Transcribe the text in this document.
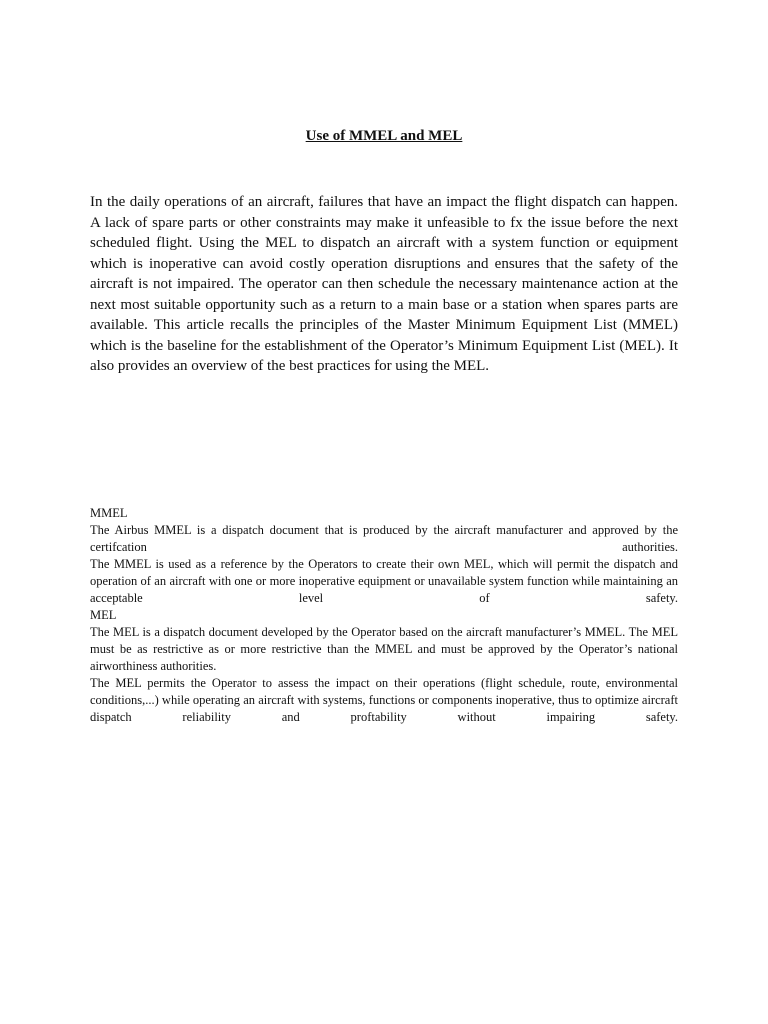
Use of MMEL and MEL

In the daily operations of an aircraft, failures that have an impact the flight dispatch can happen. A lack of spare parts or other constraints may make it unfeasible to fx the issue before the next scheduled flight. Using the MEL to dispatch an aircraft with a system function or equipment which is inoperative can avoid costly operation disruptions and ensures that the safety of the aircraft is not impaired. The operator can then schedule the necessary maintenance action at the next most suitable opportunity such as a return to a main base or a station when spares parts are available. This article recalls the principles of the Master Minimum Equipment List (MMEL) which is the baseline for the establishment of the Operator’s Minimum Equipment List (MEL). It also provides an overview of the best practices for using the MEL.

MMEL

The Airbus MMEL is a dispatch document that is produced by the aircraft manufacturer and approved by the certifcation authorities.

The MMEL is used as a reference by the Operators to create their own MEL, which will permit the dispatch and operation of an aircraft with one or more inoperative equipment or unavailable system function while maintaining an acceptable level of safety.

MEL

The MEL is a dispatch document developed by the Operator based on the aircraft manufacturer’s MMEL. The MEL must be as restrictive as or more restrictive than the MMEL and must be approved by the Operator’s national airworthiness authorities.

The MEL permits the Operator to assess the impact on their operations (flight schedule, route, environmental conditions,...) while operating an aircraft with systems, functions or components inoperative, thus to optimize aircraft dispatch reliability and proftability without impairing safety.
